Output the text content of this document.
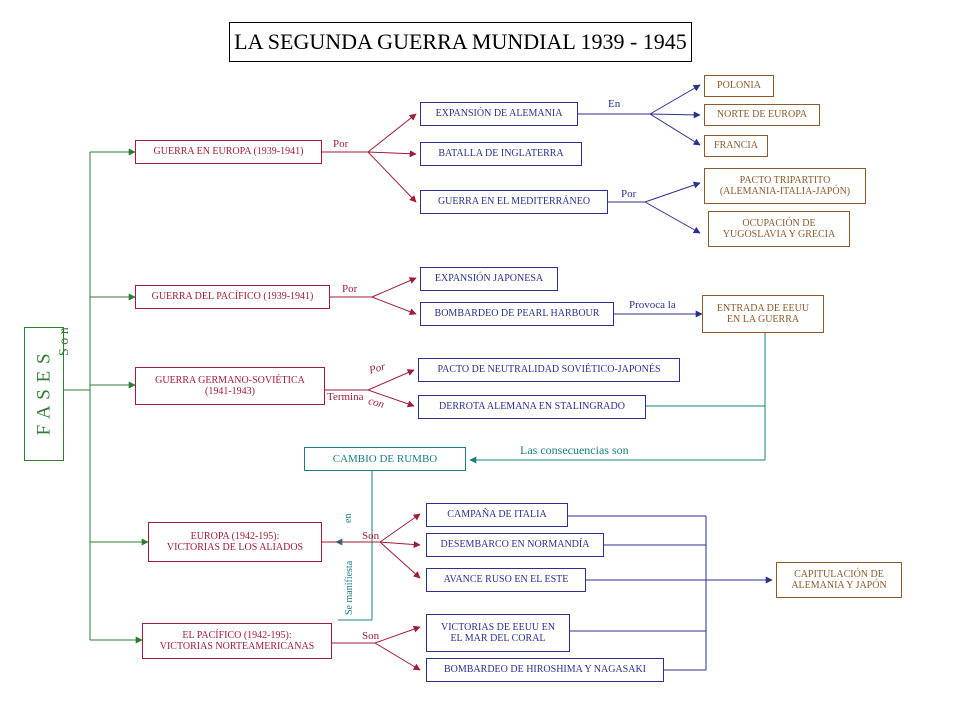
LA SEGUNDA GUERRA MUNDIAL 1939 - 1945
F A S E S
S o n
GUERRA EN EUROPA (1939-1941)
GUERRA DEL PACÍFICO (1939-1941)
GUERRA GERMANO-SOVIÉTICA
(1941-1943)
EUROPA (1942-195):
VICTORIAS DE LOS ALIADOS
EL PACÍFICO (1942-195):
VICTORIAS NORTEAMERICANAS
EXPANSIÓN DE ALEMANIA
BATALLA DE INGLATERRA
GUERRA EN EL MEDITERRÁNEO
EXPANSIÓN JAPONESA
BOMBARDEO DE PEARL HARBOUR
PACTO DE NEUTRALIDAD SOVIÉTICO-JAPONÉS
DERROTA ALEMANA EN STALINGRADO
CAMPAÑA DE ITALIA
DESEMBARCO EN NORMANDÍA
AVANCE RUSO EN EL ESTE
VICTORIAS DE EEUU EN
EL MAR DEL CORAL
BOMBARDEO DE HIROSHIMA Y NAGASAKI
POLONIA
NORTE DE EUROPA
FRANCIA
PACTO TRIPARTITO
(ALEMANIA-ITALIA-JAPÓN)
OCUPACIÓN DE
YUGOSLAVIA Y GRECIA
ENTRADA DE EEUU
EN LA GUERRA
CAPITULACIÓN DE
ALEMANIA Y JAPÓN
CAMBIO DE RUMBO
Por
En
Por
Por
Provoca la
Por
Termina con
Las consecuencias son
Son
Son
Se manifiesta
en
